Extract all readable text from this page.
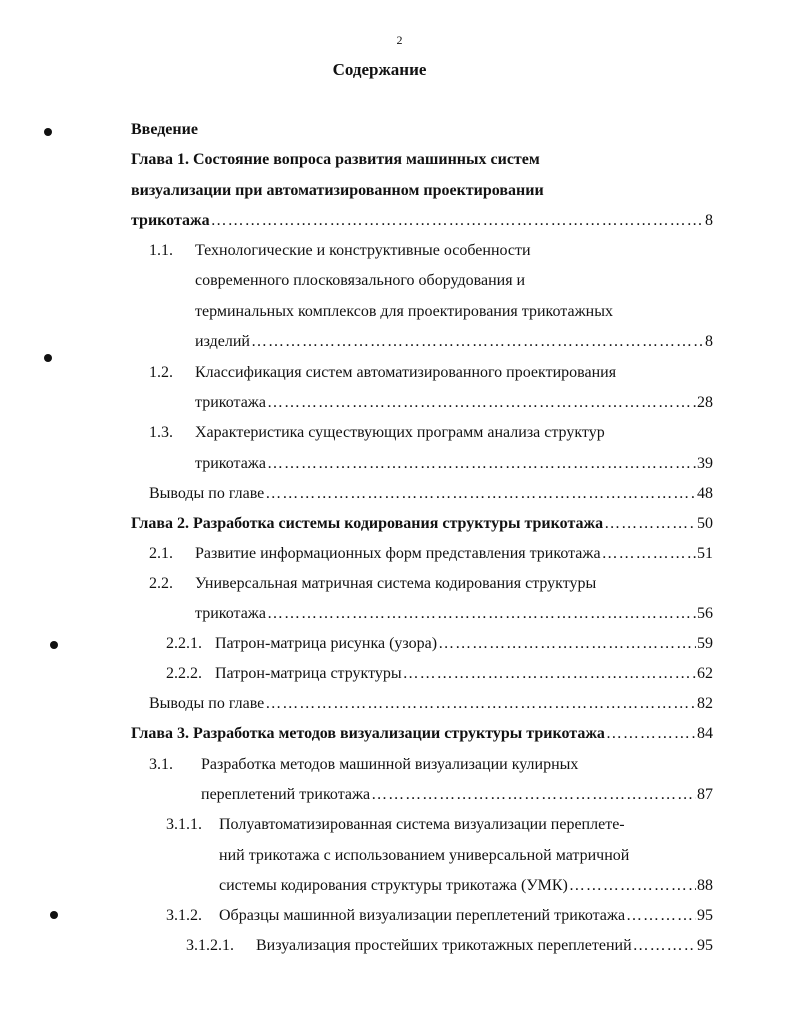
2
Содержание
Введение
Глава 1. Состояние вопроса развития машинных систем
визуализации при автоматизированном проектировании
трикотажа ……………………………………………………………………………………………………………………………………………………	8
1.1. Технологические и конструктивные особенности
современного плосковязального оборудования и
терминальных комплексов для проектирования трикотажных
изделий ……………………………………………………………………………………………………………………………………………………	8
1.2. Классификация систем автоматизированного проектирования
трикотажа ……………………………………………………………………………………………………………………………………………………	28
1.3. Характеристика существующих программ анализа структур
трикотажа ……………………………………………………………………………………………………………………………………………………	39
Выводы по главе ……………………………………………………………………………………………………………………………………………………	48
Глава 2. Разработка системы кодирования структуры трикотажа ……………………………………………………………………………………………………………………………………………………	50
2.1. Развитие информационных форм представления трикотажа ……………………………………………………………………………………………………………………………………………………	51
2.2. Универсальная матричная система кодирования структуры
трикотажа ……………………………………………………………………………………………………………………………………………………	56
2.2.1. Патрон-матрица рисунка (узора) ……………………………………………………………………………………………………………………………………………………	59
2.2.2. Патрон-матрица структуры ……………………………………………………………………………………………………………………………………………………	62
Выводы по главе ……………………………………………………………………………………………………………………………………………………	82
Глава 3. Разработка методов визуализации структуры трикотажа ……………………………………………………………………………………………………………………………………………………	84
3.1. Разработка методов машинной визуализации кулирных
переплетений трикотажа ……………………………………………………………………………………………………………………………………………………	87
3.1.1. Полуавтоматизированная система визуализации переплете-
ний трикотажа с использованием универсальной матричной
системы кодирования структуры трикотажа (УМК) ……………………………………………………………………………………………………………………………………………………	88
3.1.2. Образцы машинной визуализации переплетений трикотажа ……………………………………………………………………………………………………………………………………………………	95
3.1.2.1. Визуализация простейших трикотажных переплетений ……………………………………………………………………………………………………………………………………………………	95
